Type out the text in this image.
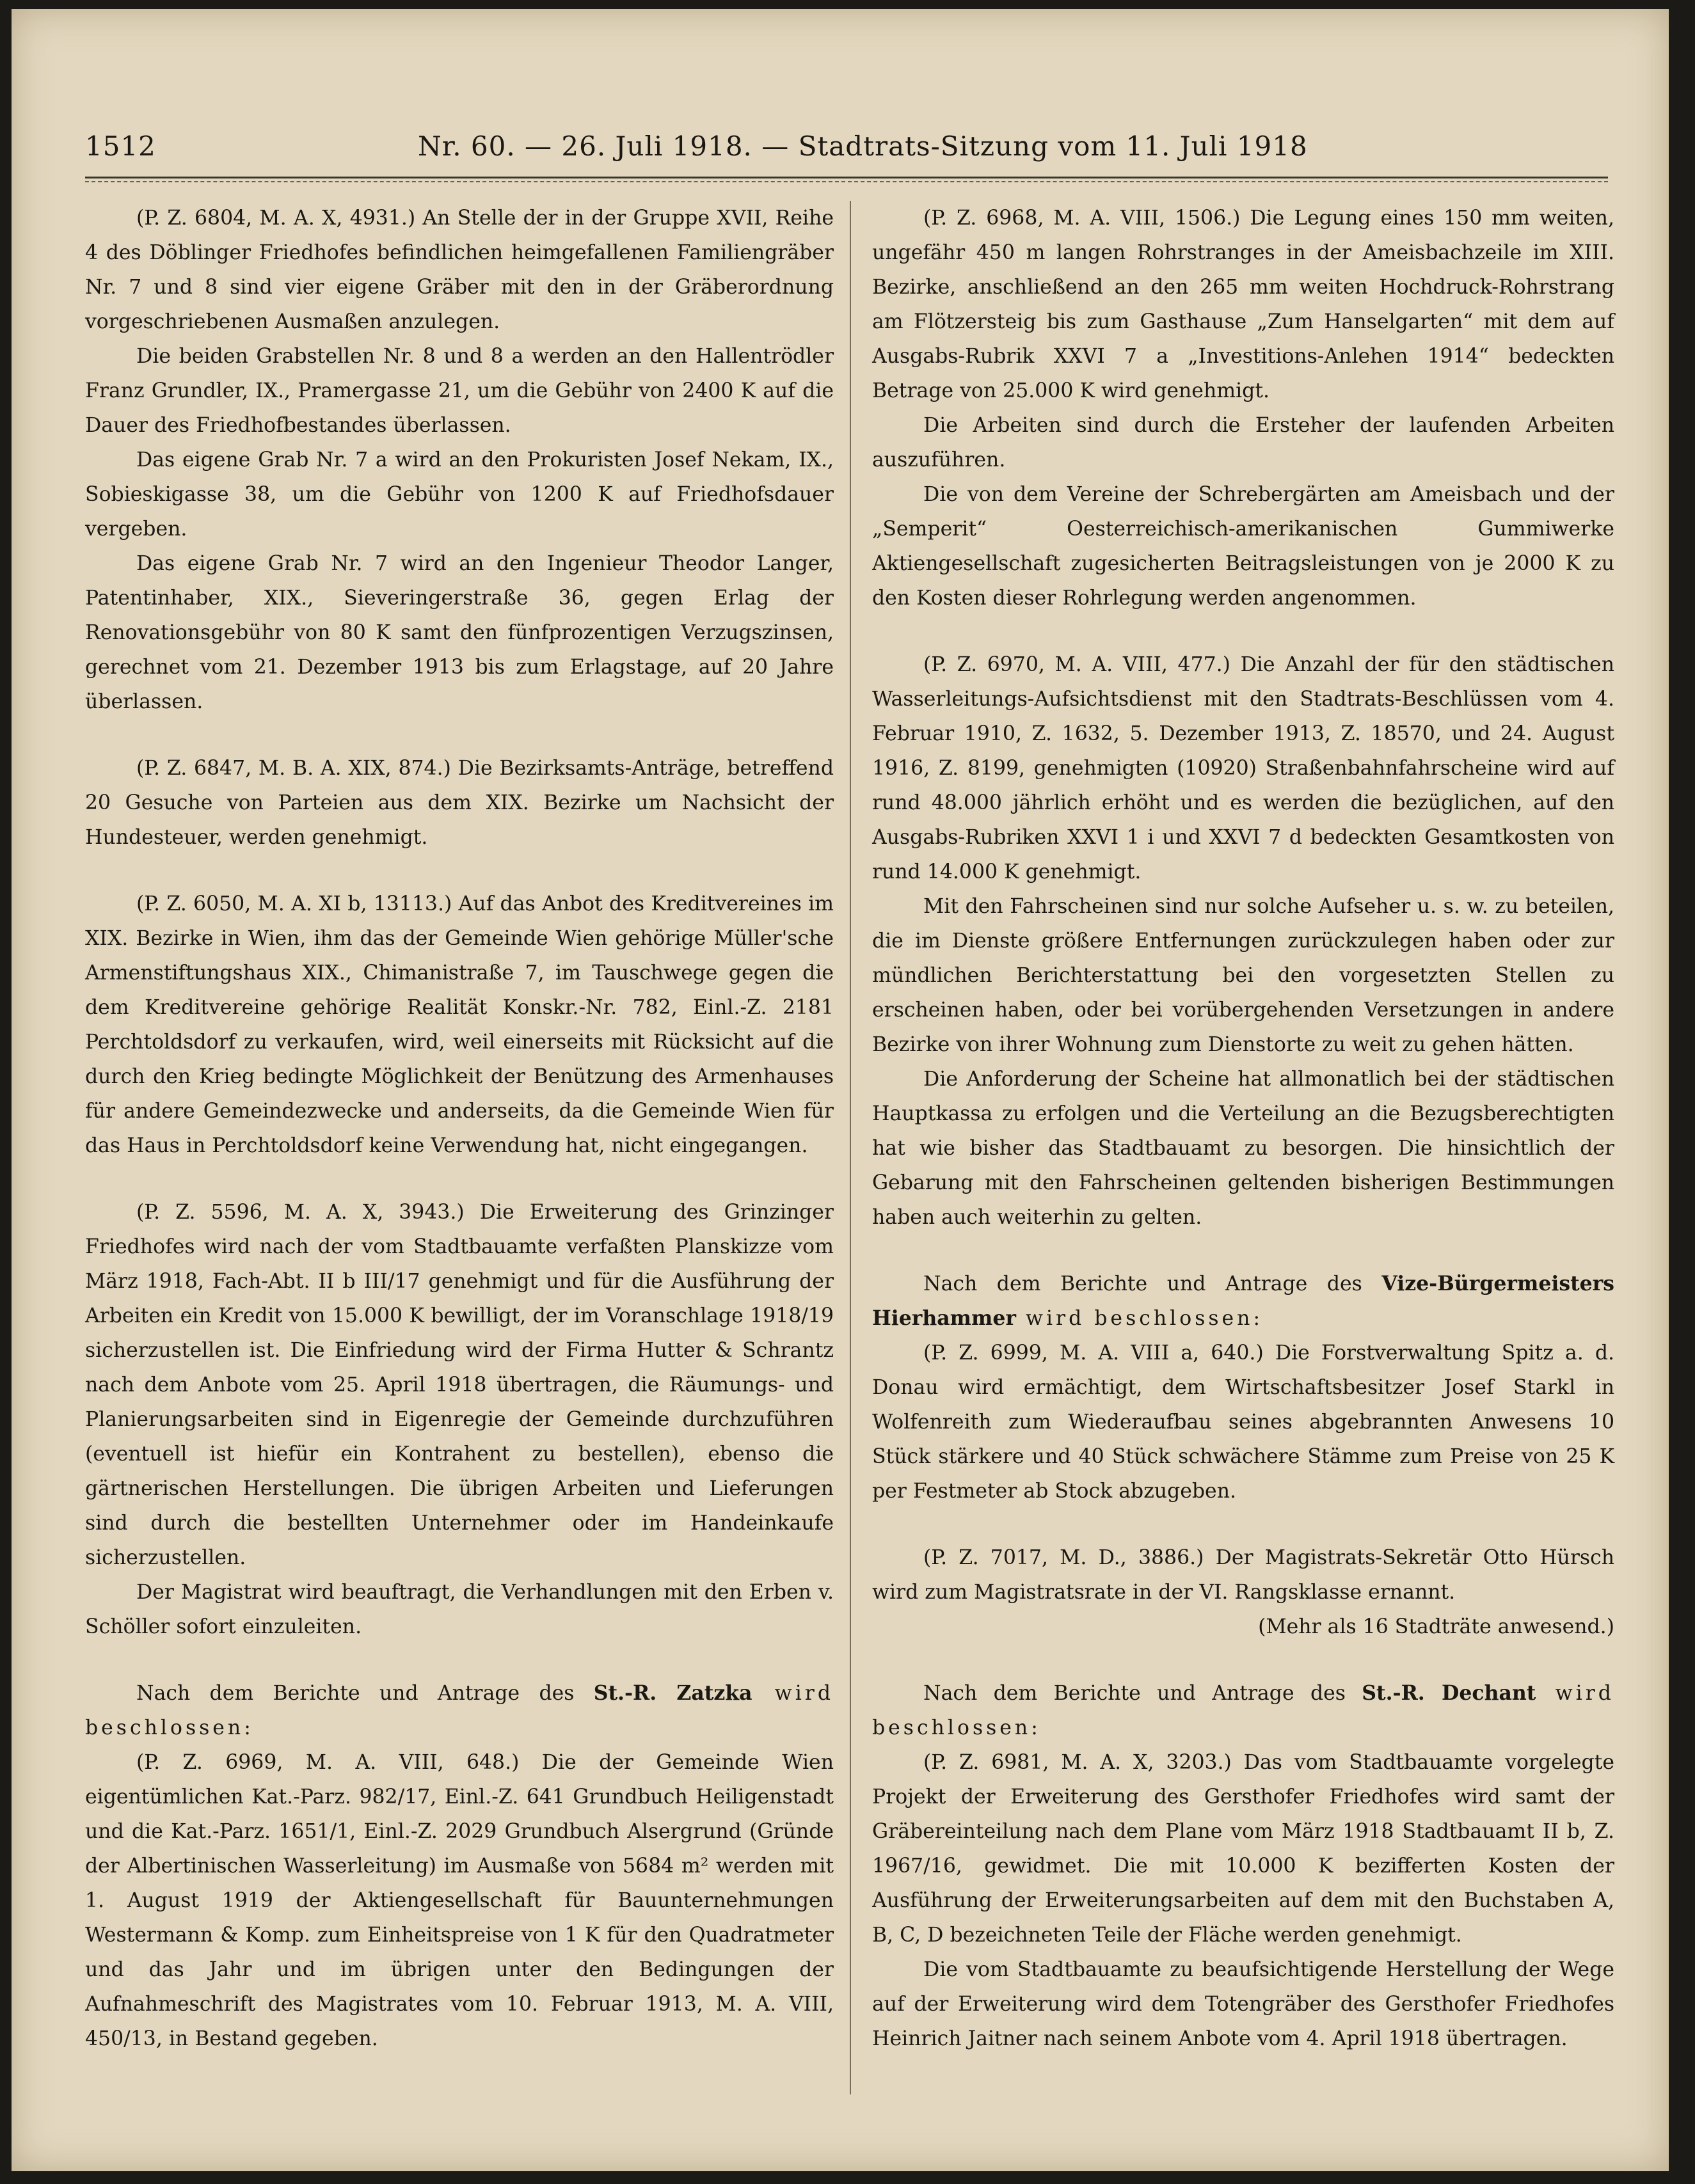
1512	Nr. 60. — 26. Juli 1918. — Stadtrats-Sitzung vom 11. Juli 1918

(P. Z. 6804, M. A. X, 4931.) An Stelle der in der Gruppe XVII, Reihe 4 des Döblinger Friedhofes befindlichen heimgefallenen Familiengräber Nr. 7 und 8 sind vier eigene Gräber mit den in der Gräberordnung vorgeschriebenen Ausmaßen anzulegen.

Die beiden Grabstellen Nr. 8 und 8 a werden an den Hallentrödler Franz Grundler, IX., Pramergasse 21, um die Gebühr von 2400 K auf die Dauer des Friedhofbestandes überlassen.

Das eigene Grab Nr. 7 a wird an den Prokuristen Josef Nekam, IX., Sobieskigasse 38, um die Gebühr von 1200 K auf Friedhofsdauer vergeben.

Das eigene Grab Nr. 7 wird an den Ingenieur Theodor Langer, Patentinhaber, XIX., Sieveringerstraße 36, gegen Erlag der Renovationsgebühr von 80 K samt den fünfprozentigen Verzugszinsen, gerechnet vom 21. Dezember 1913 bis zum Erlagstage, auf 20 Jahre überlassen.

(P. Z. 6847, M. B. A. XIX, 874.) Die Bezirksamts-Anträge, betreffend 20 Gesuche von Parteien aus dem XIX. Bezirke um Nachsicht der Hundesteuer, werden genehmigt.

(P. Z. 6050, M. A. XI b, 13113.) Auf das Anbot des Kreditvereines im XIX. Bezirke in Wien, ihm das der Gemeinde Wien gehörige Müller'sche Armenstiftungshaus XIX., Chimanistraße 7, im Tauschwege gegen die dem Kreditvereine gehörige Realität Konskr.-Nr. 782, Einl.-Z. 2181 Perchtoldsdorf zu verkaufen, wird, weil einerseits mit Rücksicht auf die durch den Krieg bedingte Möglichkeit der Benützung des Armenhauses für andere Gemeindezwecke und anderseits, da die Gemeinde Wien für das Haus in Perchtoldsdorf keine Verwendung hat, nicht eingegangen.

(P. Z. 5596, M. A. X, 3943.) Die Erweiterung des Grinzinger Friedhofes wird nach der vom Stadtbauamte verfaßten Planskizze vom März 1918, Fach-Abt. II b III/17 genehmigt und für die Ausführung der Arbeiten ein Kredit von 15.000 K bewilligt, der im Voranschlage 1918/19 sicherzustellen ist. Die Einfriedung wird der Firma Hutter & Schrantz nach dem Anbote vom 25. April 1918 übertragen, die Räumungs- und Planierungsarbeiten sind in Eigenregie der Gemeinde durchzuführen (eventuell ist hiefür ein Kontrahent zu bestellen), ebenso die gärtnerischen Herstellungen. Die übrigen Arbeiten und Lieferungen sind durch die bestellten Unternehmer oder im Handeinkaufe sicherzustellen.

Der Magistrat wird beauftragt, die Verhandlungen mit den Erben v. Schöller sofort einzuleiten.

Nach dem Berichte und Antrage des St.-R. Zatzka wird beschlossen:

(P. Z. 6969, M. A. VIII, 648.) Die der Gemeinde Wien eigentümlichen Kat.-Parz. 982/17, Einl.-Z. 641 Grundbuch Heiligenstadt und die Kat.-Parz. 1651/1, Einl.-Z. 2029 Grundbuch Alsergrund (Gründe der Albertinischen Wasserleitung) im Ausmaße von 5684 m² werden mit 1. August 1919 der Aktiengesellschaft für Bauunternehmungen Westermann & Komp. zum Einheitspreise von 1 K für den Quadratmeter und das Jahr und im übrigen unter den Bedingungen der Aufnahmeschrift des Magistrates vom 10. Februar 1913, M. A. VIII, 450/13, in Bestand gegeben.

(P. Z. 6968, M. A. VIII, 1506.) Die Legung eines 150 mm weiten, ungefähr 450 m langen Rohrstranges in der Ameisbachzeile im XIII. Bezirke, anschließend an den 265 mm weiten Hochdruck-Rohrstrang am Flötzersteig bis zum Gasthause „Zum Hanselgarten“ mit dem auf Ausgabs-Rubrik XXVI 7 a „Investitions-Anlehen 1914“ bedeckten Betrage von 25.000 K wird genehmigt.

Die Arbeiten sind durch die Ersteher der laufenden Arbeiten auszuführen.

Die von dem Vereine der Schrebergärten am Ameisbach und der „Semperit“ Oesterreichisch-amerikanischen Gummiwerke Aktiengesellschaft zugesicherten Beitragsleistungen von je 2000 K zu den Kosten dieser Rohrlegung werden angenommen.

(P. Z. 6970, M. A. VIII, 477.) Die Anzahl der für den städtischen Wasserleitungs-Aufsichtsdienst mit den Stadtrats-Beschlüssen vom 4. Februar 1910, Z. 1632, 5. Dezember 1913, Z. 18570, und 24. August 1916, Z. 8199, genehmigten (10920) Straßenbahnfahrscheine wird auf rund 48.000 jährlich erhöht und es werden die bezüglichen, auf den Ausgabs-Rubriken XXVI 1 i und XXVI 7 d bedeckten Gesamtkosten von rund 14.000 K genehmigt.

Mit den Fahrscheinen sind nur solche Aufseher u. s. w. zu beteilen, die im Dienste größere Entfernungen zurückzulegen haben oder zur mündlichen Berichterstattung bei den vorgesetzten Stellen zu erscheinen haben, oder bei vorübergehenden Versetzungen in andere Bezirke von ihrer Wohnung zum Dienstorte zu weit zu gehen hätten.

Die Anforderung der Scheine hat allmonatlich bei der städtischen Hauptkassa zu erfolgen und die Verteilung an die Bezugsberechtigten hat wie bisher das Stadtbauamt zu besorgen. Die hinsichtlich der Gebarung mit den Fahrscheinen geltenden bisherigen Bestimmungen haben auch weiterhin zu gelten.

Nach dem Berichte und Antrage des Vize-Bürgermeisters Hierhammer wird beschlossen:

(P. Z. 6999, M. A. VIII a, 640.) Die Forstverwaltung Spitz a. d. Donau wird ermächtigt, dem Wirtschaftsbesitzer Josef Starkl in Wolfenreith zum Wiederaufbau seines abgebrannten Anwesens 10 Stück stärkere und 40 Stück schwächere Stämme zum Preise von 25 K per Festmeter ab Stock abzugeben.

(P. Z. 7017, M. D., 3886.) Der Magistrats-Sekretär Otto Hürsch wird zum Magistratsrate in der VI. Rangsklasse ernannt.

(Mehr als 16 Stadträte anwesend.)

Nach dem Berichte und Antrage des St.-R. Dechant wird beschlossen:

(P. Z. 6981, M. A. X, 3203.) Das vom Stadtbauamte vorgelegte Projekt der Erweiterung des Gersthofer Friedhofes wird samt der Gräbereinteilung nach dem Plane vom März 1918 Stadtbauamt II b, Z. 1967/16, gewidmet. Die mit 10.000 K bezifferten Kosten der Ausführung der Erweiterungsarbeiten auf dem mit den Buchstaben A, B, C, D bezeichneten Teile der Fläche werden genehmigt.

Die vom Stadtbauamte zu beaufsichtigende Herstellung der Wege auf der Erweiterung wird dem Totengräber des Gersthofer Friedhofes Heinrich Jaitner nach seinem Anbote vom 4. April 1918 übertragen.
